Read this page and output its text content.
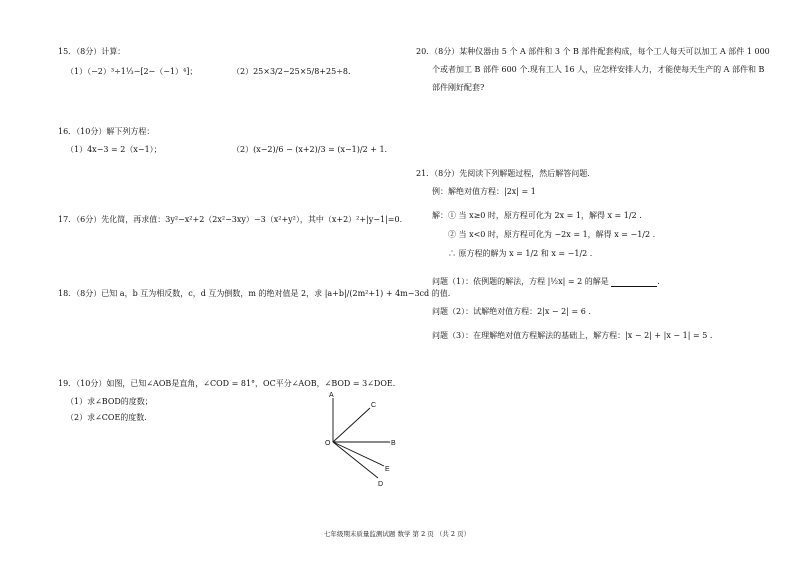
15．（8分）计算：
（1）（−2）³÷1⅓−[2−（−1）⁴]；	（2）25×3/2−25×5/8+25÷8.
16．（10分）解下列方程：
（1）4x−3 = 2（x−1）；	（2）(x−2)/6 − (x+2)/3 = (x−1)/2 + 1.
17．（6分）先化简，再求值：3y²−x²+2（2x²−3xy）−3（x²+y²），其中（x+2）²+|y−1|=0.
18．（8分）已知 a，b 互为相反数，c，d 互为倒数，m 的绝对值是 2，求 |a+b|/(2m²+1) + 4m−3cd 的值.
19．（10分）如图，已知∠AOB是直角，∠COD = 81°，OC平分∠AOB，∠BOD = 3∠DOE.
（1）求∠BOD的度数；
（2）求∠COE的度数.
A
C
O	B
E
D
20．（8分）某种仪器由 5 个 A 部件和 3 个 B 部件配套构成，每个工人每天可以加工 A 部件 1 000
个或者加工 B 部件 600 个.现有工人 16 人，应怎样安排人力，才能使每天生产的 A 部件和 B
部件刚好配套?
21．（8分）先阅读下列解题过程，然后解答问题.
例：解绝对值方程：|2x| = 1
解：① 当 x≥0 时，原方程可化为 2x = 1，解得 x = 1/2 .
② 当 x<0 时，原方程可化为 −2x = 1，解得 x = −1/2 .
∴ 原方程的解为 x = 1/2 和 x = −1/2 .
问题（1）：依例题的解法，方程 |½x| = 2 的解是	.
问题（2）：试解绝对值方程：2|x − 2| = 6 .
问题（3）：在理解绝对值方程解法的基础上，解方程：|x − 2| + |x − 1| = 5 .
七年级期末质量监测试题 数学 第 2 页 （共 2 页）
